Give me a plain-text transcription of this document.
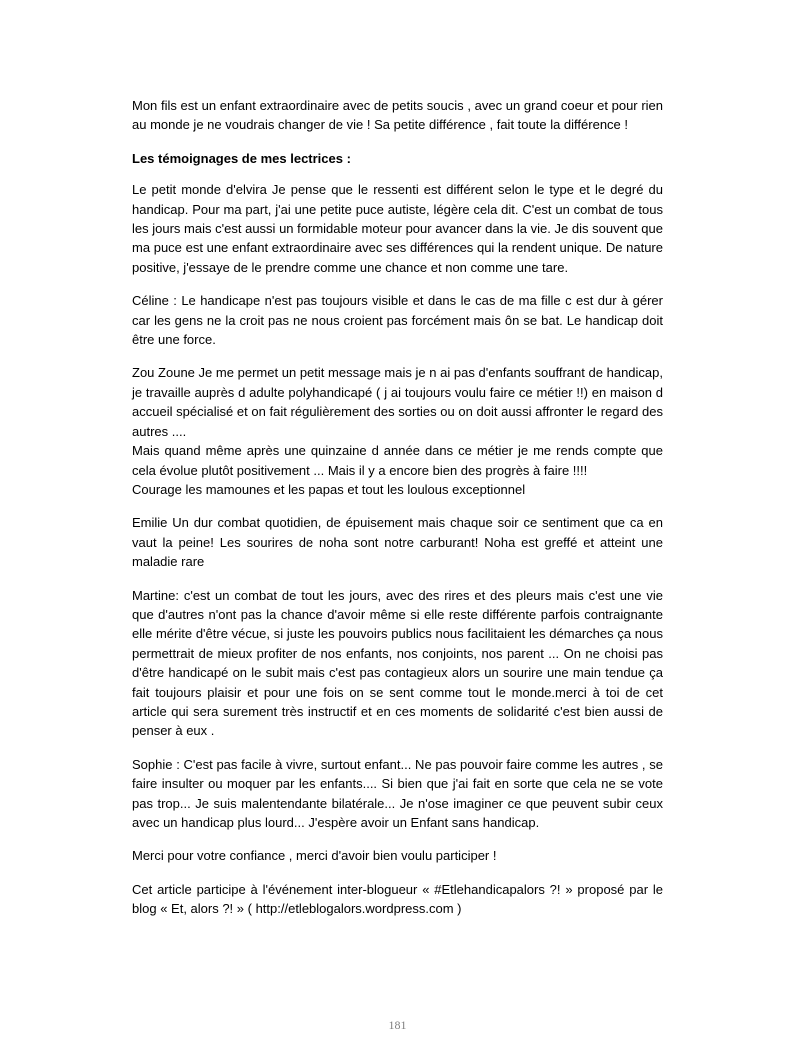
Mon fils est un enfant extraordinaire avec de petits soucis , avec un grand coeur et pour rien au monde je ne voudrais changer de vie ! Sa petite différence , fait toute la différence !

Les témoignages de mes lectrices :

Le petit monde d'elvira Je pense que le ressenti est différent selon le type et le degré du handicap. Pour ma part, j'ai une petite puce autiste, légère cela dit. C'est un combat de tous les jours mais c'est aussi un formidable moteur pour avancer dans la vie. Je dis souvent que ma puce est une enfant extraordinaire avec ses différences qui la rendent unique. De nature positive, j'essaye de le prendre comme une chance et non comme une tare.

Céline : Le handicape n'est pas toujours visible et dans le cas de ma fille c est dur à gérer car les gens ne la croit pas ne nous croient pas forcément mais ôn se bat. Le handicap doit être une force.

Zou Zoune Je me permet un petit message mais je n ai pas d'enfants souffrant de handicap, je travaille auprès d adulte polyhandicapé ( j ai toujours voulu faire ce métier !!) en maison d accueil spécialisé et on fait régulièrement des sorties ou on doit aussi affronter le regard des autres ....

Mais quand même après une quinzaine d année dans ce métier je me rends compte que cela évolue plutôt positivement ... Mais il y a encore bien des progrès à faire !!!!

Courage les mamounes et les papas et tout les loulous exceptionnel

Emilie Un dur combat quotidien, de épuisement mais chaque soir ce sentiment que ca en vaut la peine! Les sourires de noha sont notre carburant! Noha est greffé et atteint une maladie rare

Martine: c'est un combat de tout les jours, avec des rires et des pleurs mais c'est une vie que d'autres n'ont pas la chance d'avoir même si elle reste différente parfois contraignante elle mérite d'être vécue, si juste les pouvoirs publics nous facilitaient les démarches ça nous permettrait de mieux profiter de nos enfants, nos conjoints, nos parent ... On ne choisi pas d'être handicapé on le subit mais c'est pas contagieux alors un sourire une main tendue ça fait toujours plaisir et pour une fois on se sent comme tout le monde.merci à toi de cet article qui sera surement très instructif et en ces moments de solidarité c'est bien aussi de penser à eux .

Sophie : C'est pas facile à vivre, surtout enfant... Ne pas pouvoir faire comme les autres , se faire insulter ou moquer par les enfants.... Si bien que j'ai fait en sorte que cela ne se vote pas trop... Je suis malentendante bilatérale... Je n'ose imaginer ce que peuvent subir ceux avec un handicap plus lourd... J'espère avoir un Enfant sans handicap.

Merci pour votre confiance , merci d'avoir bien voulu participer !

Cet article participe à l'événement inter-blogueur « #Etlehandicapalors ?! » proposé par le blog « Et, alors ?! » ( http://etleblogalors.wordpress.com )

181
